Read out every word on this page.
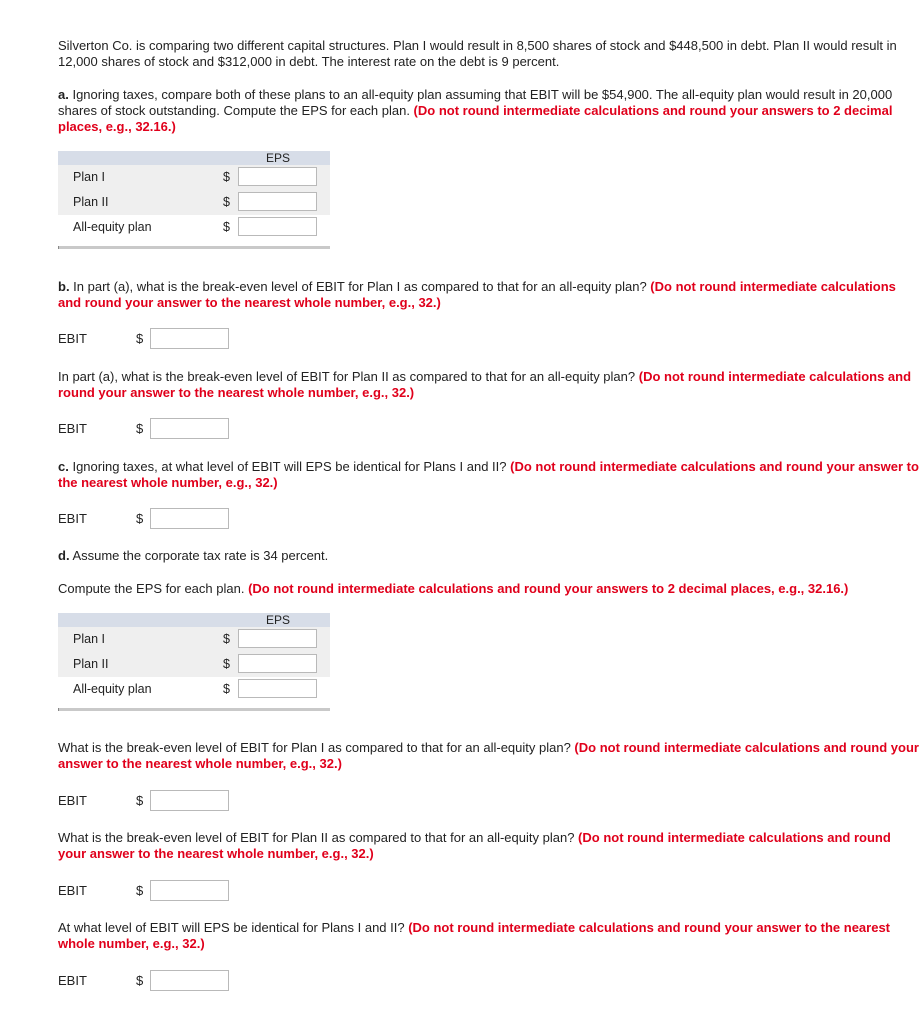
Silverton Co. is comparing two different capital structures. Plan I would result in 8,500 shares of stock and $448,500 in debt. Plan II would result in 12,000 shares of stock and $312,000 in debt. The interest rate on the debt is 9 percent.

a. Ignoring taxes, compare both of these plans to an all-equity plan assuming that EBIT will be $54,900. The all-equity plan would result in 20,000 shares of stock outstanding. Compute the EPS for each plan. (Do not round intermediate calculations and round your answers to 2 decimal places, e.g., 32.16.)

EPS
Plan I	$
Plan II	$
All-equity plan	$

b. In part (a), what is the break-even level of EBIT for Plan I as compared to that for an all-equity plan? (Do not round intermediate calculations and round your answer to the nearest whole number, e.g., 32.)

EBIT	$

In part (a), what is the break-even level of EBIT for Plan II as compared to that for an all-equity plan? (Do not round intermediate calculations and round your answer to the nearest whole number, e.g., 32.)

EBIT	$

c. Ignoring taxes, at what level of EBIT will EPS be identical for Plans I and II? (Do not round intermediate calculations and round your answer to the nearest whole number, e.g., 32.)

EBIT	$

d. Assume the corporate tax rate is 34 percent.

Compute the EPS for each plan. (Do not round intermediate calculations and round your answers to 2 decimal places, e.g., 32.16.)

EPS
Plan I	$
Plan II	$
All-equity plan	$

What is the break-even level of EBIT for Plan I as compared to that for an all-equity plan? (Do not round intermediate calculations and round your answer to the nearest whole number, e.g., 32.)

EBIT	$

What is the break-even level of EBIT for Plan II as compared to that for an all-equity plan? (Do not round intermediate calculations and round your answer to the nearest whole number, e.g., 32.)

EBIT	$

At what level of EBIT will EPS be identical for Plans I and II? (Do not round intermediate calculations and round your answer to the nearest whole number, e.g., 32.)

EBIT	$
